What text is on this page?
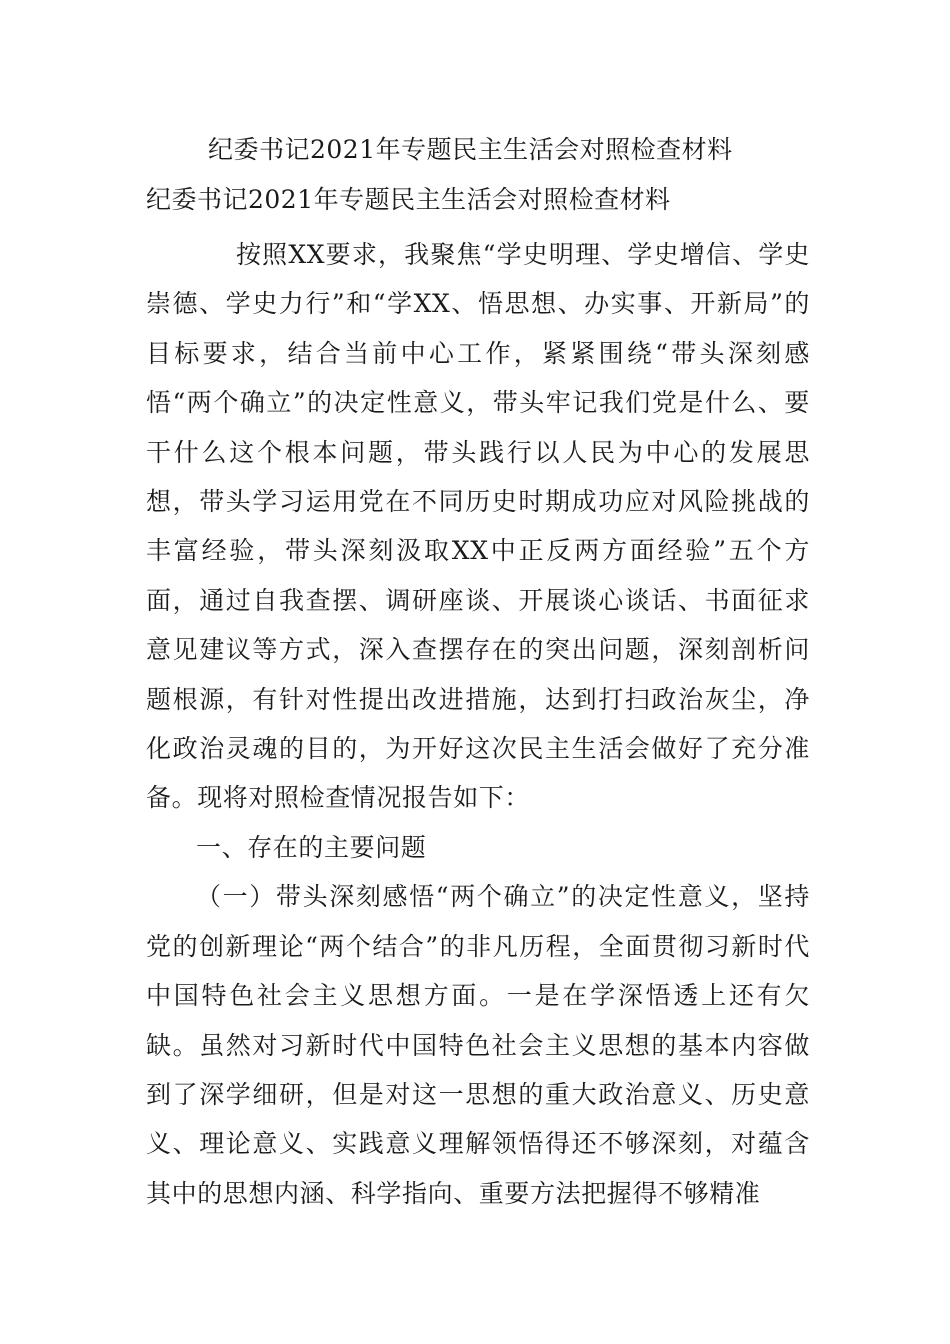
纪委书记2021年专题民主生活会对照检查材料
纪委书记2021年专题民主生活会对照检查材料

按照XX要求，我聚焦“学史明理、学史增信、学史崇德、学史力行”和“学XX、悟思想、办实事、开新局”的目标要求，结合当前中心工作，紧紧围绕“带头深刻感悟“两个确立”的决定性意义，带头牢记我们党是什么、要干什么这个根本问题，带头践行以人民为中心的发展思想，带头学习运用党在不同历史时期成功应对风险挑战的丰富经验，带头深刻汲取XX中正反两方面经验”五个方面，通过自我查摆、调研座谈、开展谈心谈话、书面征求意见建议等方式，深入查摆存在的突出问题，深刻剖析问题根源，有针对性提出改进措施，达到打扫政治灰尘，净化政治灵魂的目的，为开好这次民主生活会做好了充分准备。现将对照检查情况报告如下：

一、存在的主要问题

（一）带头深刻感悟“两个确立”的决定性意义，坚持党的创新理论“两个结合”的非凡历程，全面贯彻习新时代中国特色社会主义思想方面。一是在学深悟透上还有欠缺。虽然对习新时代中国特色社会主义思想的基本内容做到了深学细研，但是对这一思想的重大政治意义、历史意义、理论意义、实践意义理解领悟得还不够深刻，对蕴含其中的思想内涵、科学指向、重要方法把握得不够精准
